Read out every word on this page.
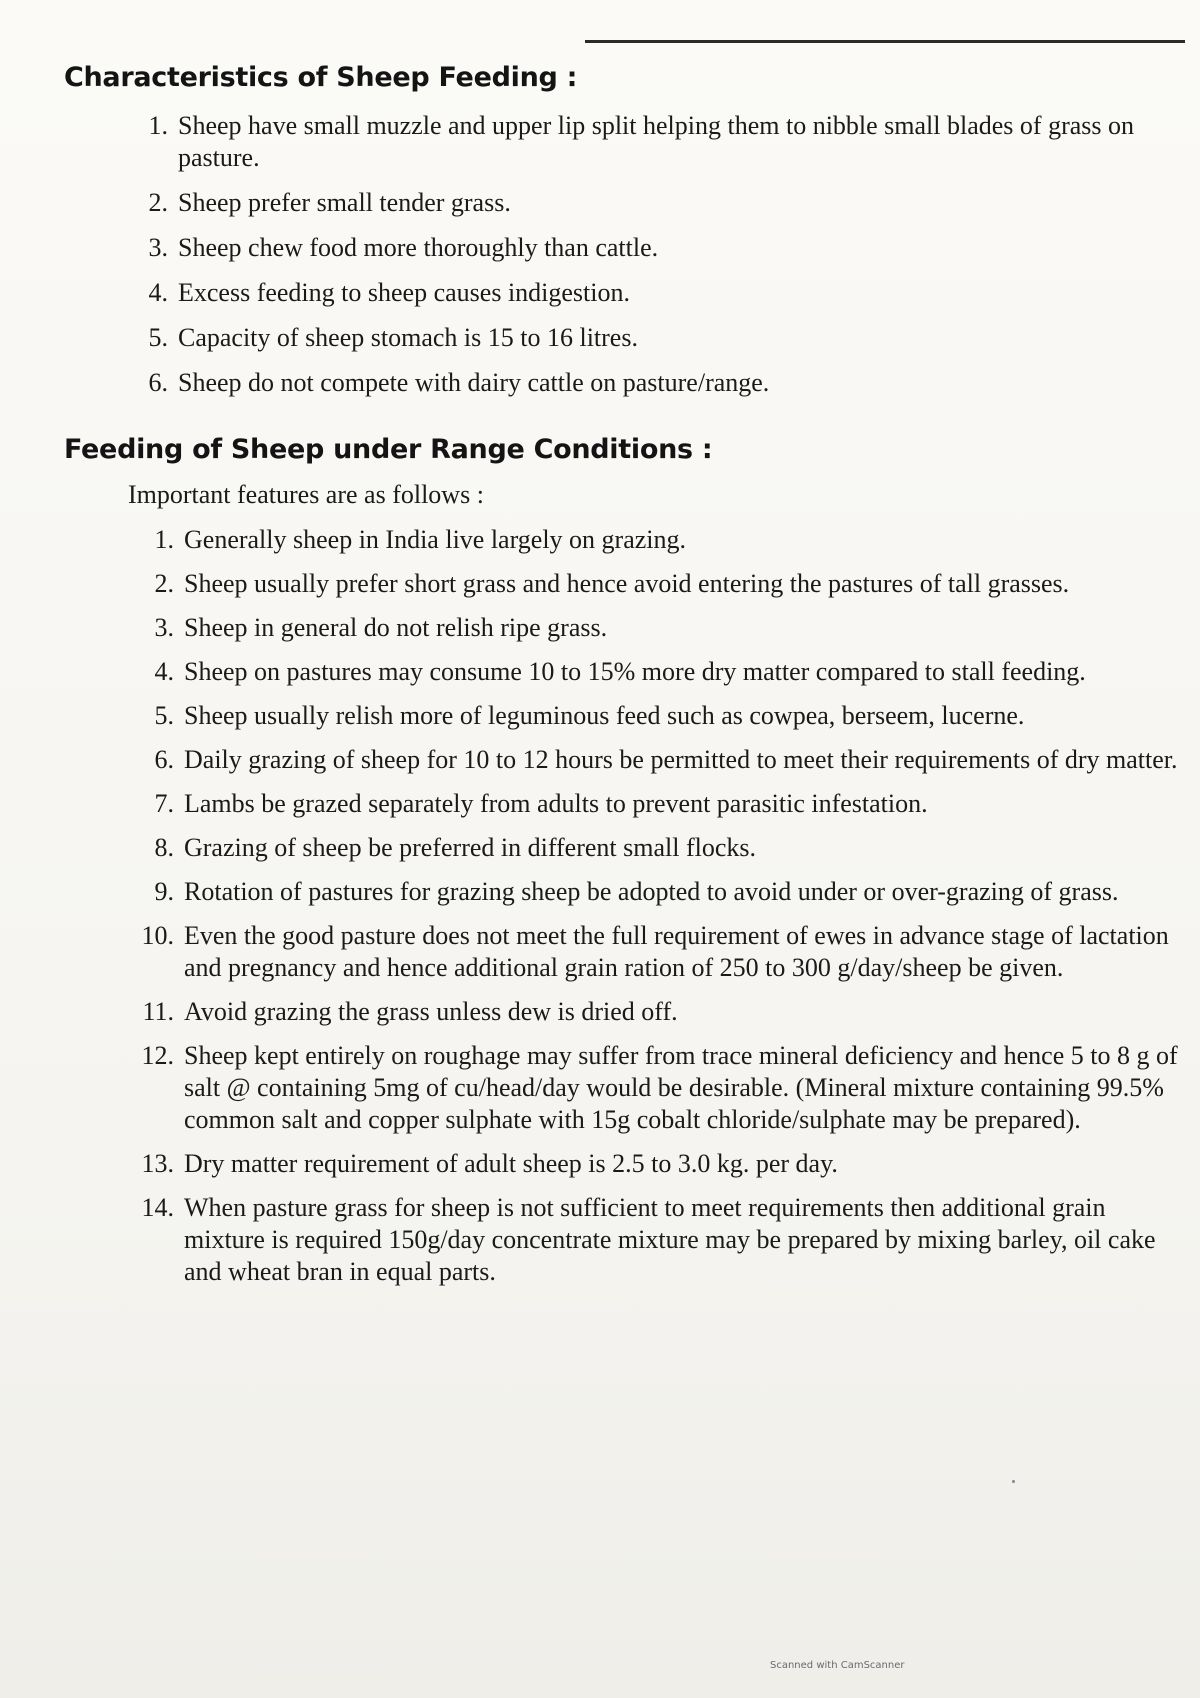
Characteristics of Sheep Feeding :
1. Sheep have small muzzle and upper lip split helping them to nibble small blades of grass on pasture.
2. Sheep prefer small tender grass.
3. Sheep chew food more thoroughly than cattle.
4. Excess feeding to sheep causes indigestion.
5. Capacity of sheep stomach is 15 to 16 litres.
6. Sheep do not compete with dairy cattle on pasture/range.
Feeding of Sheep under Range Conditions :
Important features are as follows :
1. Generally sheep in India live largely on grazing.
2. Sheep usually prefer short grass and hence avoid entering the pastures of tall grasses.
3. Sheep in general do not relish ripe grass.
4. Sheep on pastures may consume 10 to 15% more dry matter compared to stall feeding.
5. Sheep usually relish more of leguminous feed such as cowpea, berseem, lucerne.
6. Daily grazing of sheep for 10 to 12 hours be permitted to meet their requirements of dry matter.
7. Lambs be grazed separately from adults to prevent parasitic infestation.
8. Grazing of sheep be preferred in different small flocks.
9. Rotation of pastures for grazing sheep be adopted to avoid under or over-grazing of grass.
10. Even the good pasture does not meet the full requirement of ewes in advance stage of lactation and pregnancy and hence additional grain ration of 250 to 300 g/day/sheep be given.
11. Avoid grazing the grass unless dew is dried off.
12. Sheep kept entirely on roughage may suffer from trace mineral deficiency and hence 5 to 8 g of salt @ containing 5mg of cu/head/day would be desirable. (Mineral mixture containing 99.5% common salt and copper sulphate with 15g cobalt chloride/sulphate may be prepared).
13. Dry matter requirement of adult sheep is 2.5 to 3.0 kg. per day.
14. When pasture grass for sheep is not sufficient to meet requirements then additional grain mixture is required 150g/day concentrate mixture may be prepared by mixing barley, oil cake and wheat bran in equal parts.
Scanned with CamScanner
